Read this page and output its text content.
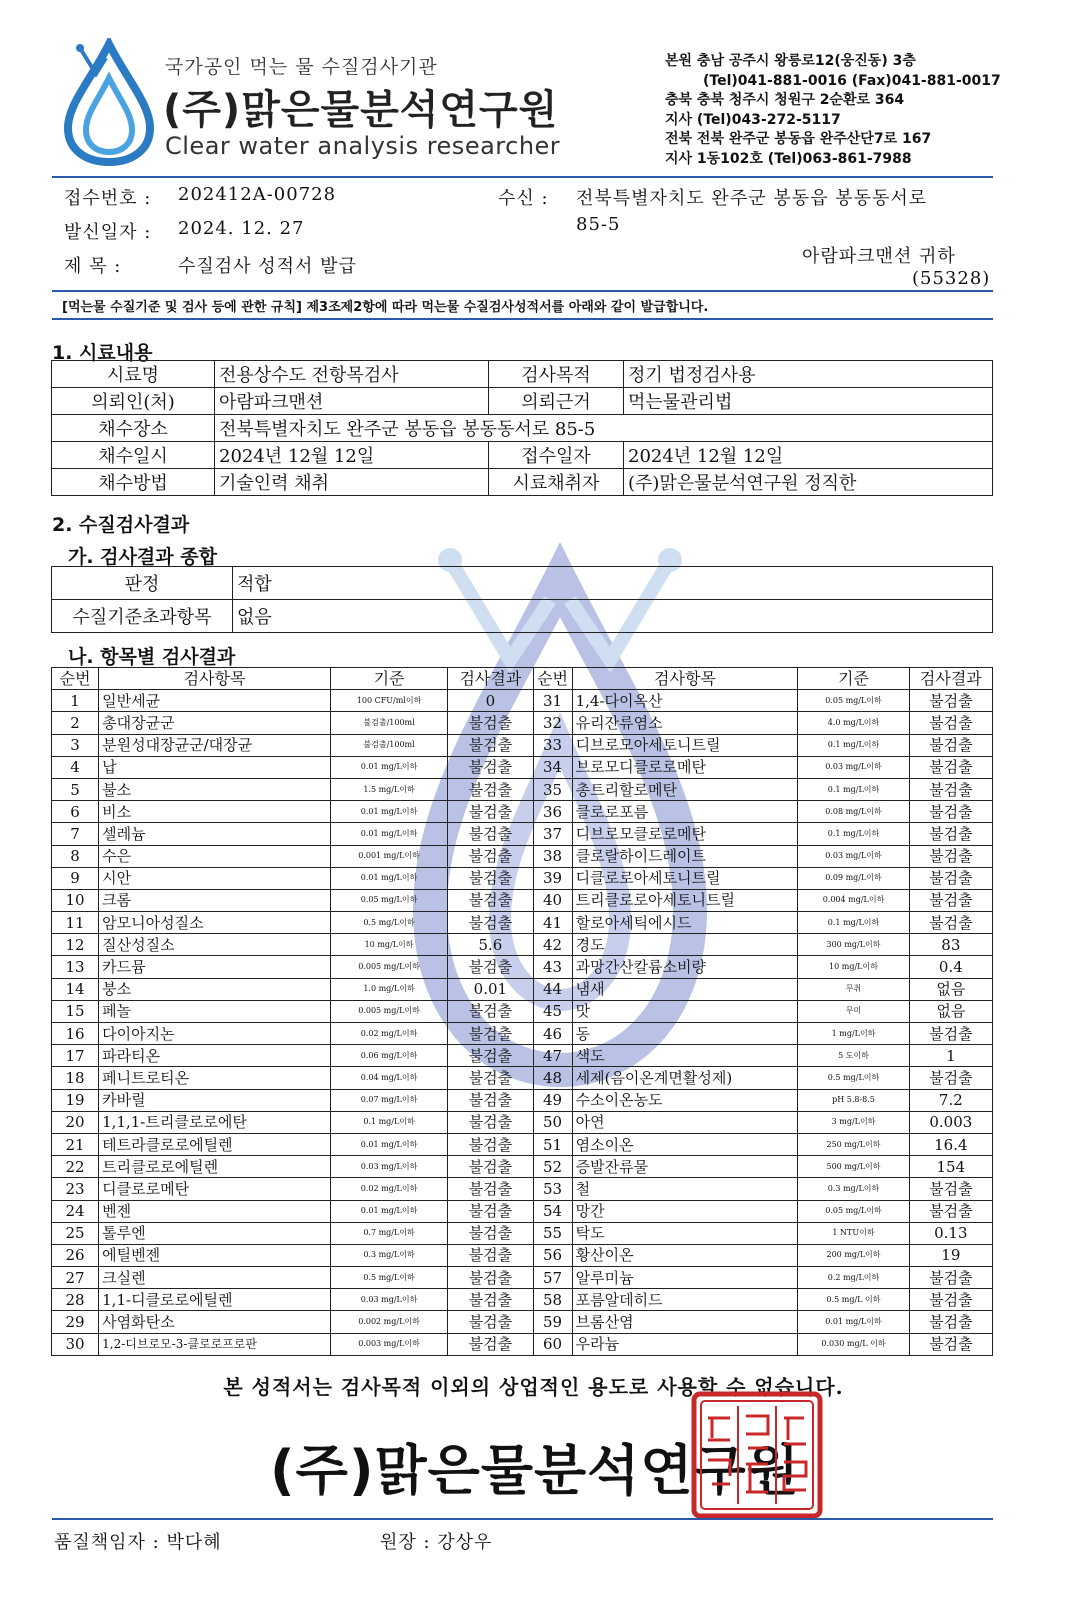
국가공인 먹는 물 수질검사기관
(주)맑은물분석연구원
Clear water analysis researcher
본원 충남 공주시 왕릉로12(웅진동) 3층
(Tel)041-881-0016 (Fax)041-881-0017
충북 충북 청주시 청원구 2순환로 364
지사 (Tel)043-272-5117
전북 전북 완주군 봉동읍 완주산단7로 167
지사 1동102호 (Tel)063-861-7988
접수번호 : 202412A-00728
발신일자 : 2024. 12. 27
제 목 :	수질검사 성적서 발급
수신 : 전북특별자치도 완주군 봉동읍 봉동동서로
85-5
아람파크맨션 귀하
(55328)
[먹는물 수질기준 및 검사 등에 관한 규칙] 제3조제2항에 따라 먹는물 수질검사성적서를 아래와 같이 발급합니다.
1. 시료내용
시료명	전용상수도 전항목검사	검사목적	정기 법정검사용
의뢰인(처)	아람파크맨션	의뢰근거	먹는물관리법
채수장소	전북특별자치도 완주군 봉동읍 봉동동서로 85-5		
채수일시	2024년 12월 12일	접수일자	2024년 12월 12일
채수방법	기술인력 채취	시료채취자	(주)맑은물분석연구원 정직한
2. 수질검사결과
가. 검사결과 종합
판정	적합
수질기준초과항목	없음
나. 항목별 검사결과
순번	검사항목	기준	검사결과	순번	검사항목	기준	검사결과
1	일반세균	100 CFU/ml이하	0	31	1,4-다이옥산	0.05 mg/L이하	불검출
2	총대장균군	불검출/100ml	불검출	32	유리잔류염소	4.0 mg/L이하	불검출
3	분원성대장균군/대장균	불검출/100ml	불검출	33	디브로모아세토니트릴	0.1 mg/L이하	불검출
4	납	0.01 mg/L이하	불검출	34	브로모디클로로메탄	0.03 mg/L이하	불검출
5	불소	1.5 mg/L이하	불검출	35	총트리할로메탄	0.1 mg/L이하	불검출
6	비소	0.01 mg/L이하	불검출	36	클로로포름	0.08 mg/L이하	불검출
7	셀레늄	0.01 mg/L이하	불검출	37	디브로모클로로메탄	0.1 mg/L이하	불검출
8	수은	0.001 mg/L이하	불검출	38	클로랄하이드레이트	0.03 mg/L이하	불검출
9	시안	0.01 mg/L이하	불검출	39	디클로로아세토니트릴	0.09 mg/L이하	불검출
10	크롬	0.05 mg/L이하	불검출	40	트리클로로아세토니트릴	0.004 mg/L이하	불검출
11	암모니아성질소	0.5 mg/L이하	불검출	41	할로아세틱에시드	0.1 mg/L이하	불검출
12	질산성질소	10 mg/L이하	5.6	42	경도	300 mg/L이하	83
13	카드뮴	0.005 mg/L이하	불검출	43	과망간산칼륨소비량	10 mg/L이하	0.4
14	붕소	1.0 mg/L이하	0.01	44	냄새	무취	없음
15	페놀	0.005 mg/L이하	불검출	45	맛	무미	없음
16	다이아지논	0.02 mg/L이하	불검출	46	동	1 mg/L이하	불검출
17	파라티온	0.06 mg/L이하	불검출	47	색도	5 도이하	1
18	페니트로티온	0.04 mg/L이하	불검출	48	세제(음이온계면활성제)	0.5 mg/L이하	불검출
19	카바릴	0.07 mg/L이하	불검출	49	수소이온농도	pH 5.8-8.5	7.2
20	1,1,1-트리클로로에탄	0.1 mg/L이하	불검출	50	아연	3 mg/L이하	0.003
21	테트라클로로에틸렌	0.01 mg/L이하	불검출	51	염소이온	250 mg/L이하	16.4
22	트리클로로에틸렌	0.03 mg/L이하	불검출	52	증발잔류물	500 mg/L이하	154
23	디클로로메탄	0.02 mg/L이하	불검출	53	철	0.3 mg/L이하	불검출
24	벤젠	0.01 mg/L이하	불검출	54	망간	0.05 mg/L이하	불검출
25	톨루엔	0.7 mg/L이하	불검출	55	탁도	1 NTU이하	0.13
26	에틸벤젠	0.3 mg/L이하	불검출	56	황산이온	200 mg/L이하	19
27	크실렌	0.5 mg/L이하	불검출	57	알루미늄	0.2 mg/L이하	불검출
28	1,1-디클로로에틸렌	0.03 mg/L이하	불검출	58	포름알데히드	0.5 mg/L 이하	불검출
29	사염화탄소	0.002 mg/L이하	불검출	59	브롬산염	0.01 mg/L이하	불검출
30	1,2-디브로모-3-클로로프로판	0.003 mg/L이하	불검출	60	우라늄	0.030 mg/L 이하	불검출
본 성적서는 검사목적 이외의 상업적인 용도로 사용할 수 없습니다.
(주)맑은물분석연구원
품질책임자 : 박다혜	원장 : 강상우
